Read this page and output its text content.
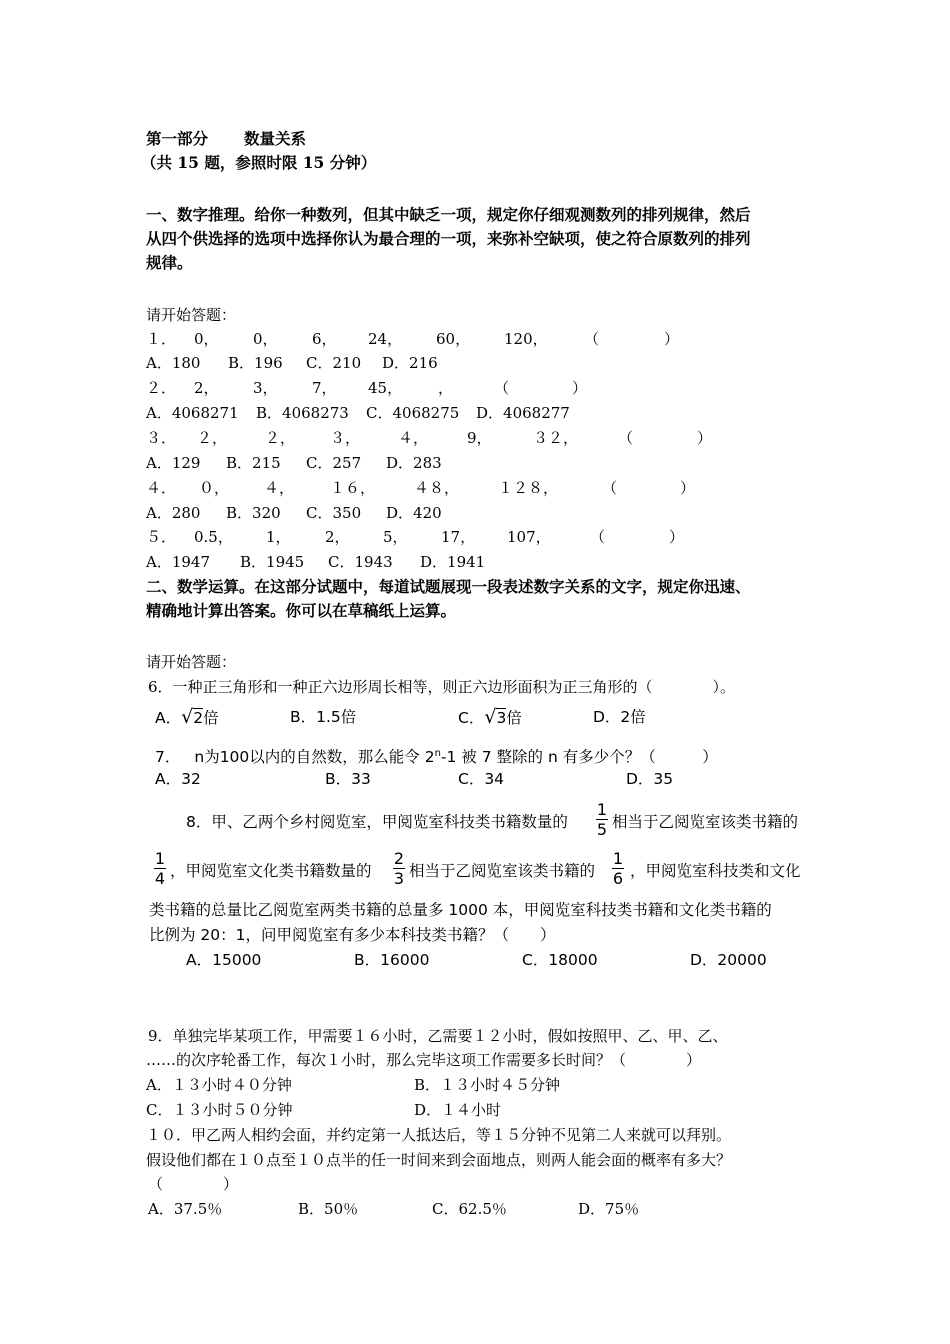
第一部分 数量关系
（共 15 题，参照时限 15 分钟）
一、数字推理。给你一种数列，但其中缺乏一项，规定你仔细观测数列的排列规律，然后
从四个供选择的选项中选择你认为最合理的一项，来弥补空缺项，使之符合原数列的排列
规律。
请开始答题：
１． 0， 0， 6， 24， 60， 120， （	）
A．180 B．196 C．210 D．216
２． 2， 3， 7， 45， ，	（	）
A．4068271 B．4068273 C．4068275 D．4068277
３． ２，	２， ３，	４，	9，	３２，	（	）
A．129 B．215 C．257 D．283
４． ０， ４， １６，	４８，	１２８，	（	）
A．280 B．320 C．350 D．420
５． 0.5， 1， 2， 5， 17， 107，	（	）
A．1947 B．1945 C．1943 D．1941
二、数学运算。在这部分试题中，每道试题展现一段表述数字关系的文字，规定你迅速、
精确地计算出答案。你可以在草稿纸上运算。
请开始答题：
6．一种正三角形和一种正六边形周长相等，则正六边形面积为正三角形的（　　　　）。
A．√2倍	B．1.5倍	C．√3倍	D．2倍
7． n为100以内的自然数，那么能令 2$^n$-1 被 7 整除的 n 有多少个？（　　　）
A．32	B．33	C．34	D．35
8．甲、乙两个乡村阅览室，甲阅览室科技类书籍数量的
1
5 相当于乙阅览室该类书籍的
1
4 ，甲阅览室文化类书籍数量的
2
3 相当于乙阅览室该类书籍的
1
6 ，甲阅览室科技类和文化
类书籍的总量比乙阅览室两类书籍的总量多 1000 本，甲阅览室科技类书籍和文化类书籍的
比例为 20：1，问甲阅览室有多少本科技类书籍？（　　）
A．15000	B．16000	C．18000	D．20000
9．单独完毕某项工作，甲需要１６小时，乙需要１２小时，假如按照甲、乙、甲、乙、
……的次序轮番工作，每次１小时，那么完毕这项工作需要多长时间？（　　　　）
A．１３小时４０分钟	B．１３小时４５分钟
C．１３小时５０分钟	D．１４小时
１０．甲乙两人相约会面，并约定第一人抵达后，等１５分钟不见第二人来就可以拜别。
假设他们都在１０点至１０点半的任一时间来到会面地点，则两人能会面的概率有多大？
（　　　　）
A．37.5％	B．50％	C．62.5％	D．75％
